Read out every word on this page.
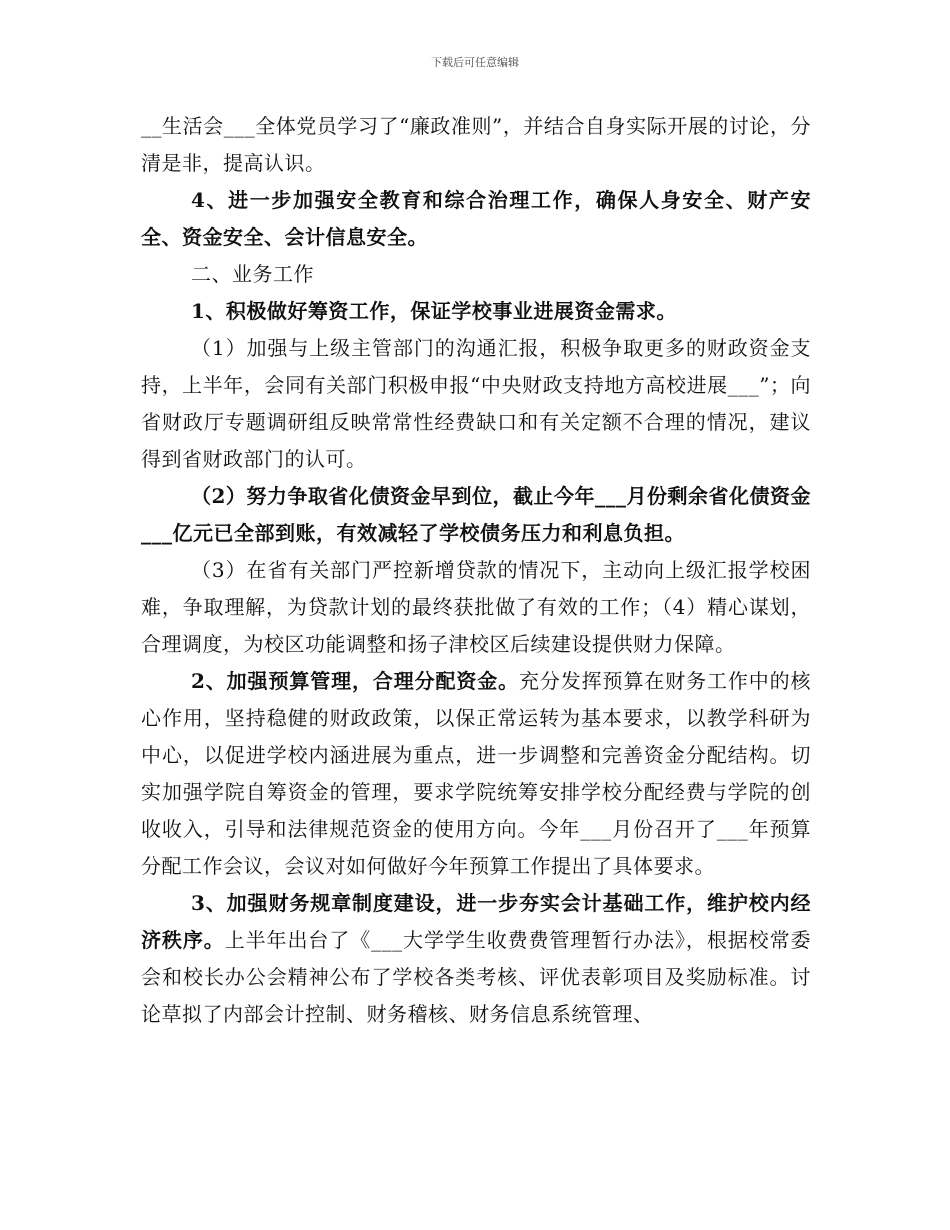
下载后可任意编辑

__生活会___全体党员学习了“廉政准则”，并结合自身实际开展的讨论，分清是非，提高认识。

4、进一步加强安全教育和综合治理工作，确保人身安全、财产安全、资金安全、会计信息安全。

二、业务工作

1、积极做好筹资工作，保证学校事业进展资金需求。

（1）加强与上级主管部门的沟通汇报，积极争取更多的财政资金支持，上半年，会同有关部门积极申报“中央财政支持地方高校进展___”；向省财政厅专题调研组反映常常性经费缺口和有关定额不合理的情况，建议得到省财政部门的认可。

（2）努力争取省化债资金早到位，截止今年___月份剩余省化债资金___亿元已全部到账，有效减轻了学校债务压力和利息负担。

（3）在省有关部门严控新增贷款的情况下，主动向上级汇报学校困难，争取理解，为贷款计划的最终获批做了有效的工作；（4）精心谋划，合理调度，为校区功能调整和扬子津校区后续建设提供财力保障。

2、加强预算管理，合理分配资金。充分发挥预算在财务工作中的核心作用，坚持稳健的财政政策，以保正常运转为基本要求，以教学科研为中心，以促进学校内涵进展为重点，进一步调整和完善资金分配结构。切实加强学院自筹资金的管理，要求学院统筹安排学校分配经费与学院的创收收入，引导和法律规范资金的使用方向。今年___月份召开了___年预算分配工作会议，会议对如何做好今年预算工作提出了具体要求。

3、加强财务规章制度建设，进一步夯实会计基础工作，维护校内经济秩序。上半年出台了《___大学学生收费费管理暂行办法》，根据校常委会和校长办公会精神公布了学校各类考核、评优表彰项目及奖励标准。讨论草拟了内部会计控制、财务稽核、财务信息系统管理、
